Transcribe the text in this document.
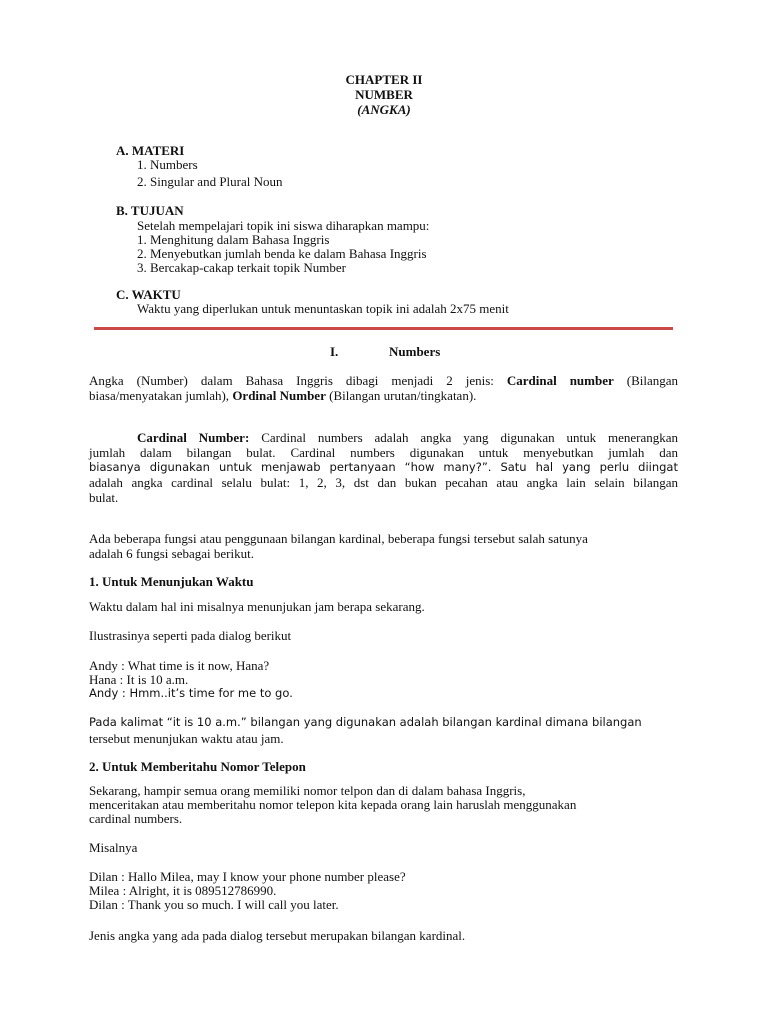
CHAPTER II
NUMBER
(ANGKA)
A. MATERI
1. Numbers
2. Singular and Plural Noun
B. TUJUAN
Setelah mempelajari topik ini siswa diharapkan mampu:
1. Menghitung dalam Bahasa Inggris
2. Menyebutkan jumlah benda ke dalam Bahasa Inggris
3. Bercakap-cakap terkait topik Number
C. WAKTU
Waktu yang diperlukan untuk menuntaskan topik ini adalah 2x75 menit
I.	Numbers
Angka (Number) dalam Bahasa Inggris dibagi menjadi 2 jenis: Cardinal number (Bilangan
biasa/menyatakan jumlah), Ordinal Number (Bilangan urutan/tingkatan).
Cardinal Number: Cardinal numbers adalah angka yang digunakan untuk menerangkan
jumlah dalam bilangan bulat. Cardinal numbers digunakan untuk menyebutkan jumlah dan
biasanya digunakan untuk menjawab pertanyaan “how many?”. Satu hal yang perlu diingat
adalah angka cardinal selalu bulat: 1, 2, 3, dst dan bukan pecahan atau angka lain selain bilangan
bulat.
Ada beberapa fungsi atau penggunaan bilangan kardinal, beberapa fungsi tersebut salah satunya
adalah 6 fungsi sebagai berikut.
1. Untuk Menunjukan Waktu
Waktu dalam hal ini misalnya menunjukan jam berapa sekarang.
Ilustrasinya seperti pada dialog berikut
Andy : What time is it now, Hana?
Hana : It is 10 a.m.
Andy : Hmm..it’s time for me to go.
Pada kalimat “it is 10 a.m.” bilangan yang digunakan adalah bilangan kardinal dimana bilangan
tersebut menunjukan waktu atau jam.
2. Untuk Memberitahu Nomor Telepon
Sekarang, hampir semua orang memiliki nomor telpon dan di dalam bahasa Inggris,
menceritakan atau memberitahu nomor telepon kita kepada orang lain haruslah menggunakan
cardinal numbers.
Misalnya
Dilan : Hallo Milea, may I know your phone number please?
Milea : Alright, it is 089512786990.
Dilan : Thank you so much. I will call you later.
Jenis angka yang ada pada dialog tersebut merupakan bilangan kardinal.
